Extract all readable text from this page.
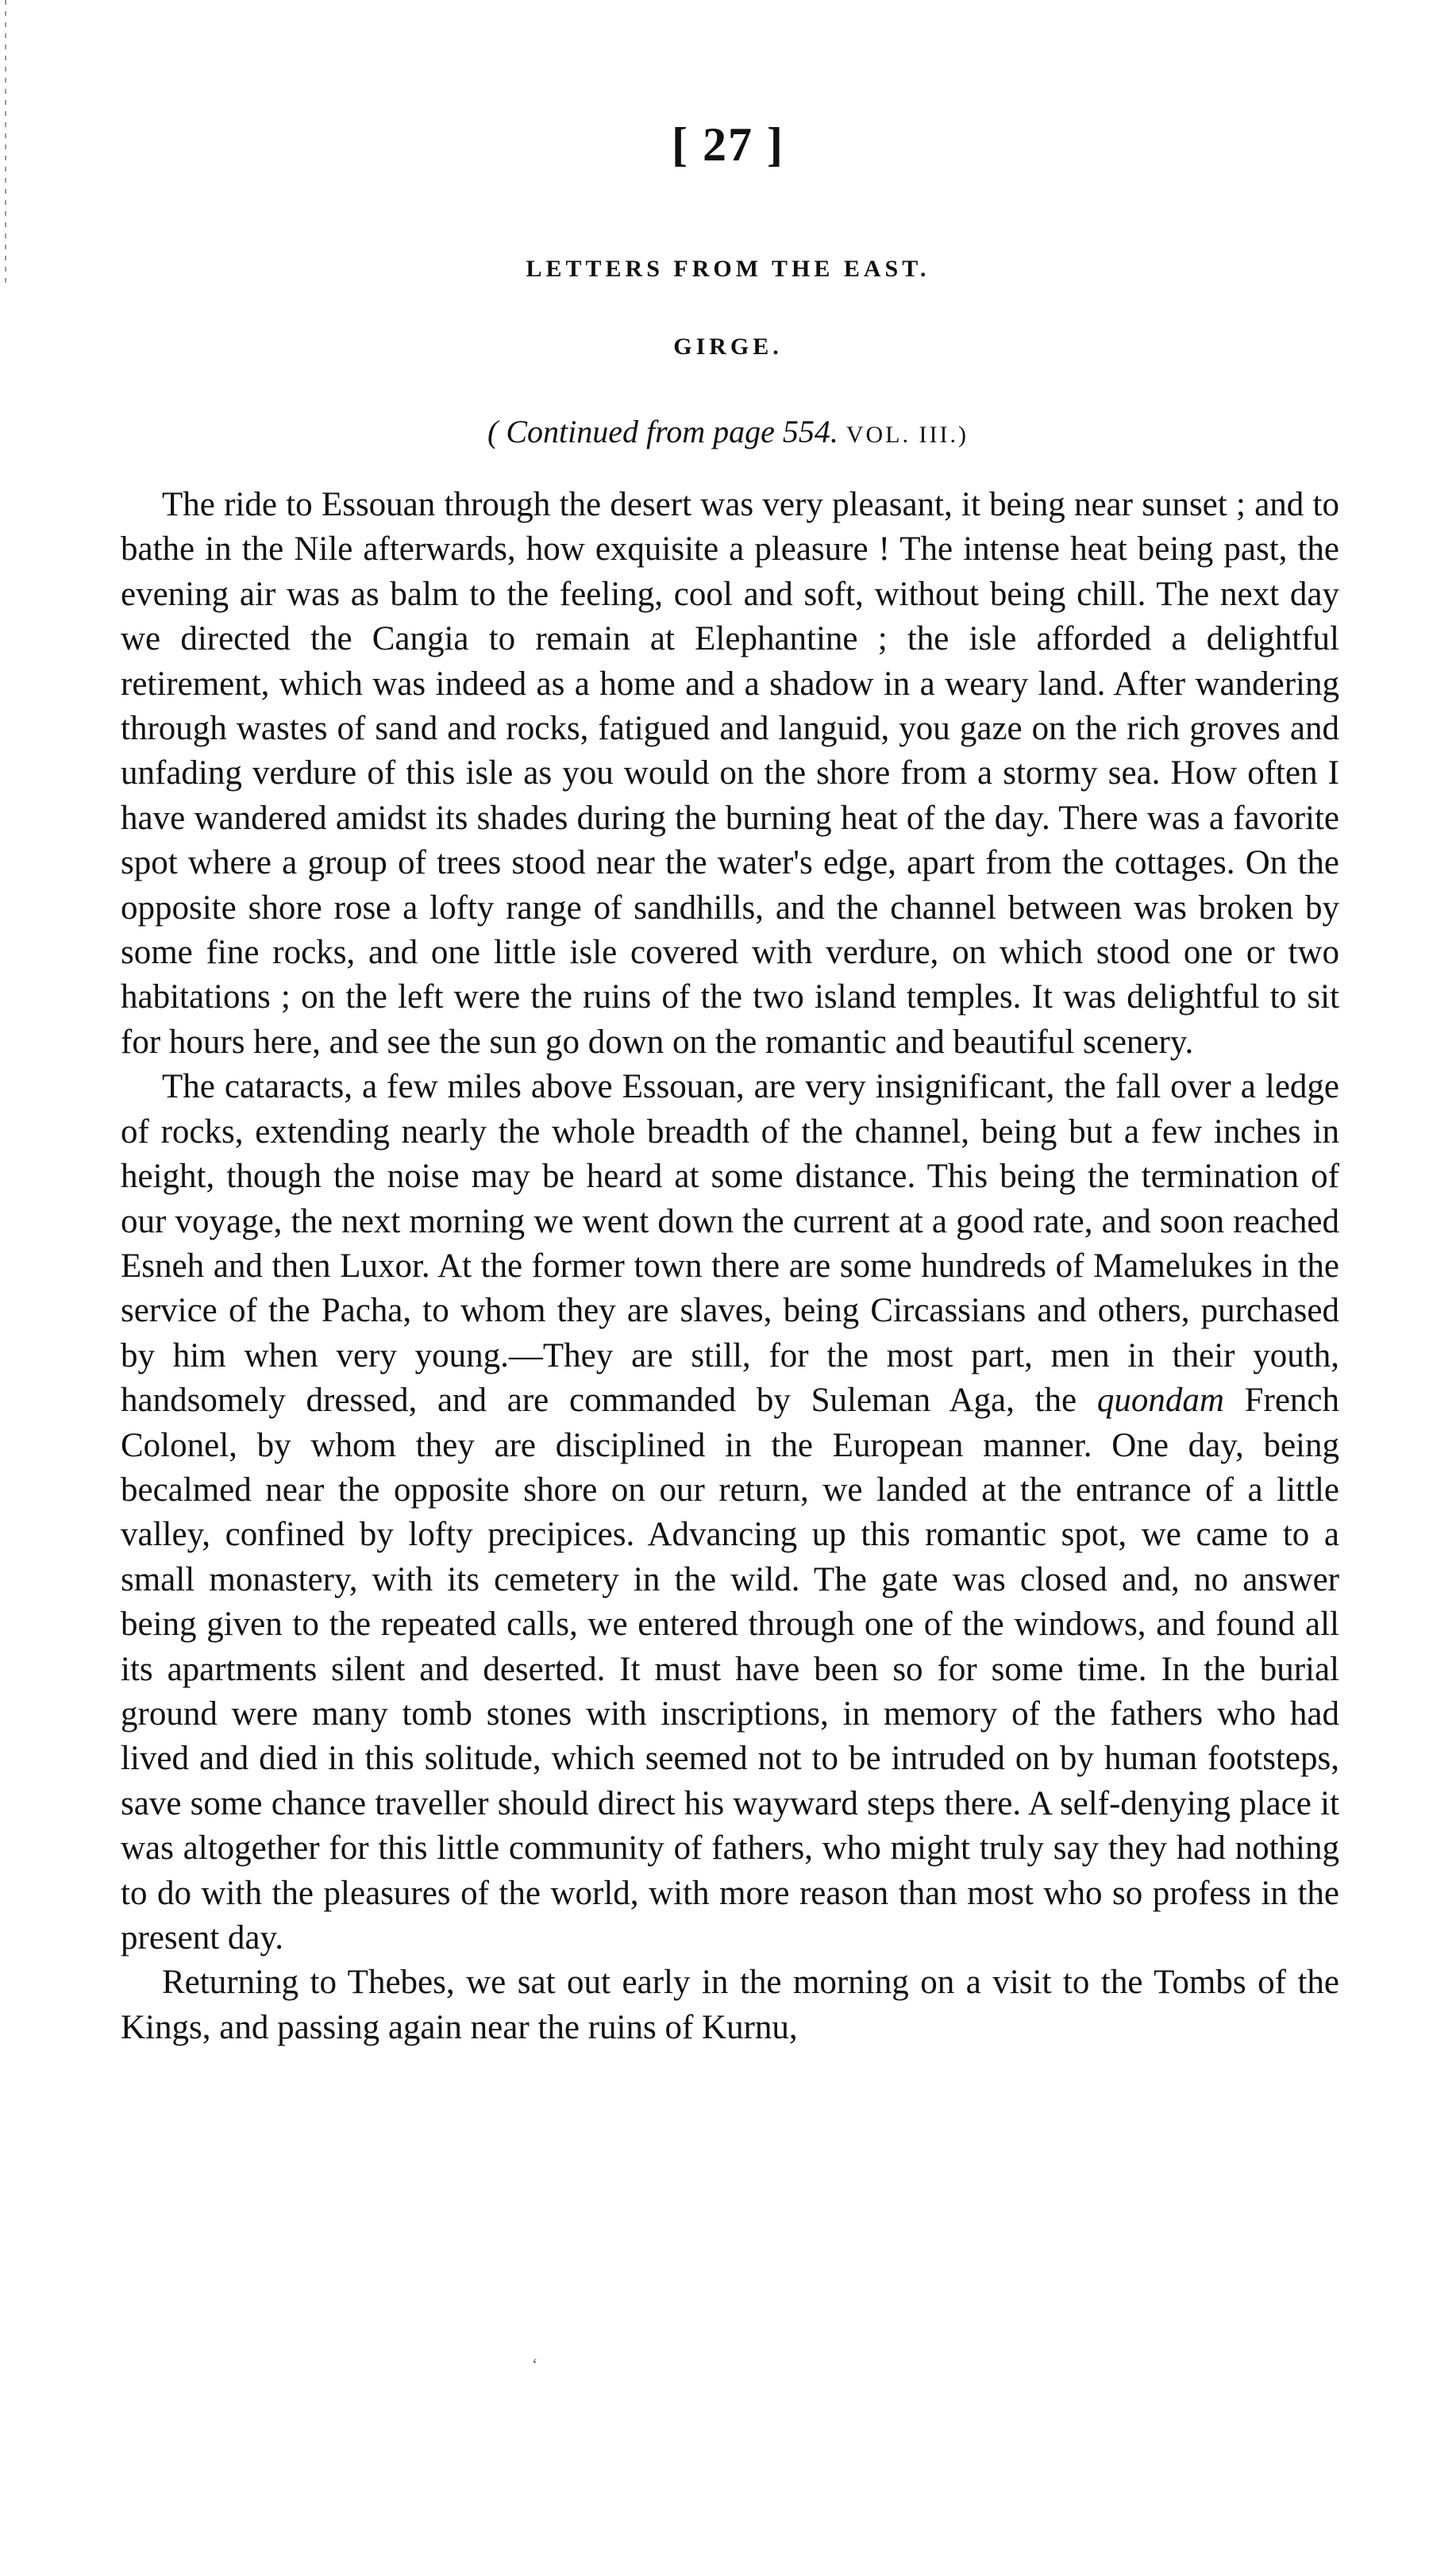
[ 27 ]
LETTERS FROM THE EAST.
GIRGE.
( Continued from page 554. VOL. III.)

The ride to Essouan through the desert was very pleasant, it being near sunset ; and to bathe in the Nile afterwards, how exquisite a pleasure ! The intense heat being past, the evening air was as balm to the feeling, cool and soft, without being chill. The next day we directed the Cangia to remain at Elephantine ; the isle afforded a delightful retirement, which was indeed as a home and a shadow in a weary land. After wandering through wastes of sand and rocks, fatigued and languid, you gaze on the rich groves and unfading verdure of this isle as you would on the shore from a stormy sea. How often I have wandered amidst its shades during the burning heat of the day. There was a favorite spot where a group of trees stood near the water's edge, apart from the cottages. On the opposite shore rose a lofty range of sandhills, and the channel between was broken by some fine rocks, and one little isle covered with verdure, on which stood one or two habitations ; on the left were the ruins of the two island temples. It was delightful to sit for hours here, and see the sun go down on the romantic and beautiful scenery.

The cataracts, a few miles above Essouan, are very insignificant, the fall over a ledge of rocks, extending nearly the whole breadth of the channel, being but a few inches in height, though the noise may be heard at some distance. This being the termination of our voyage, the next morning we went down the current at a good rate, and soon reached Esneh and then Luxor. At the former town there are some hundreds of Mamelukes in the service of the Pacha, to whom they are slaves, being Circassians and others, purchased by him when very young.—They are still, for the most part, men in their youth, handsomely dressed, and are commanded by Suleman Aga, the quondam French Colonel, by whom they are disciplined in the European manner. One day, being becalmed near the opposite shore on our return, we landed at the entrance of a little valley, confined by lofty precipices. Advancing up this romantic spot, we came to a small monastery, with its cemetery in the wild. The gate was closed and, no answer being given to the repeated calls, we entered through one of the windows, and found all its apartments silent and deserted. It must have been so for some time. In the burial ground were many tomb stones with inscriptions, in memory of the fathers who had lived and died in this solitude, which seemed not to be intruded on by human footsteps, save some chance traveller should direct his wayward steps there. A self-denying place it was altogether for this little community of fathers, who might truly say they had nothing to do with the pleasures of the world, with more reason than most who so profess in the present day.

Returning to Thebes, we sat out early in the morning on a visit to the Tombs of the Kings, and passing again near the ruins of Kurnu,

ʻ
